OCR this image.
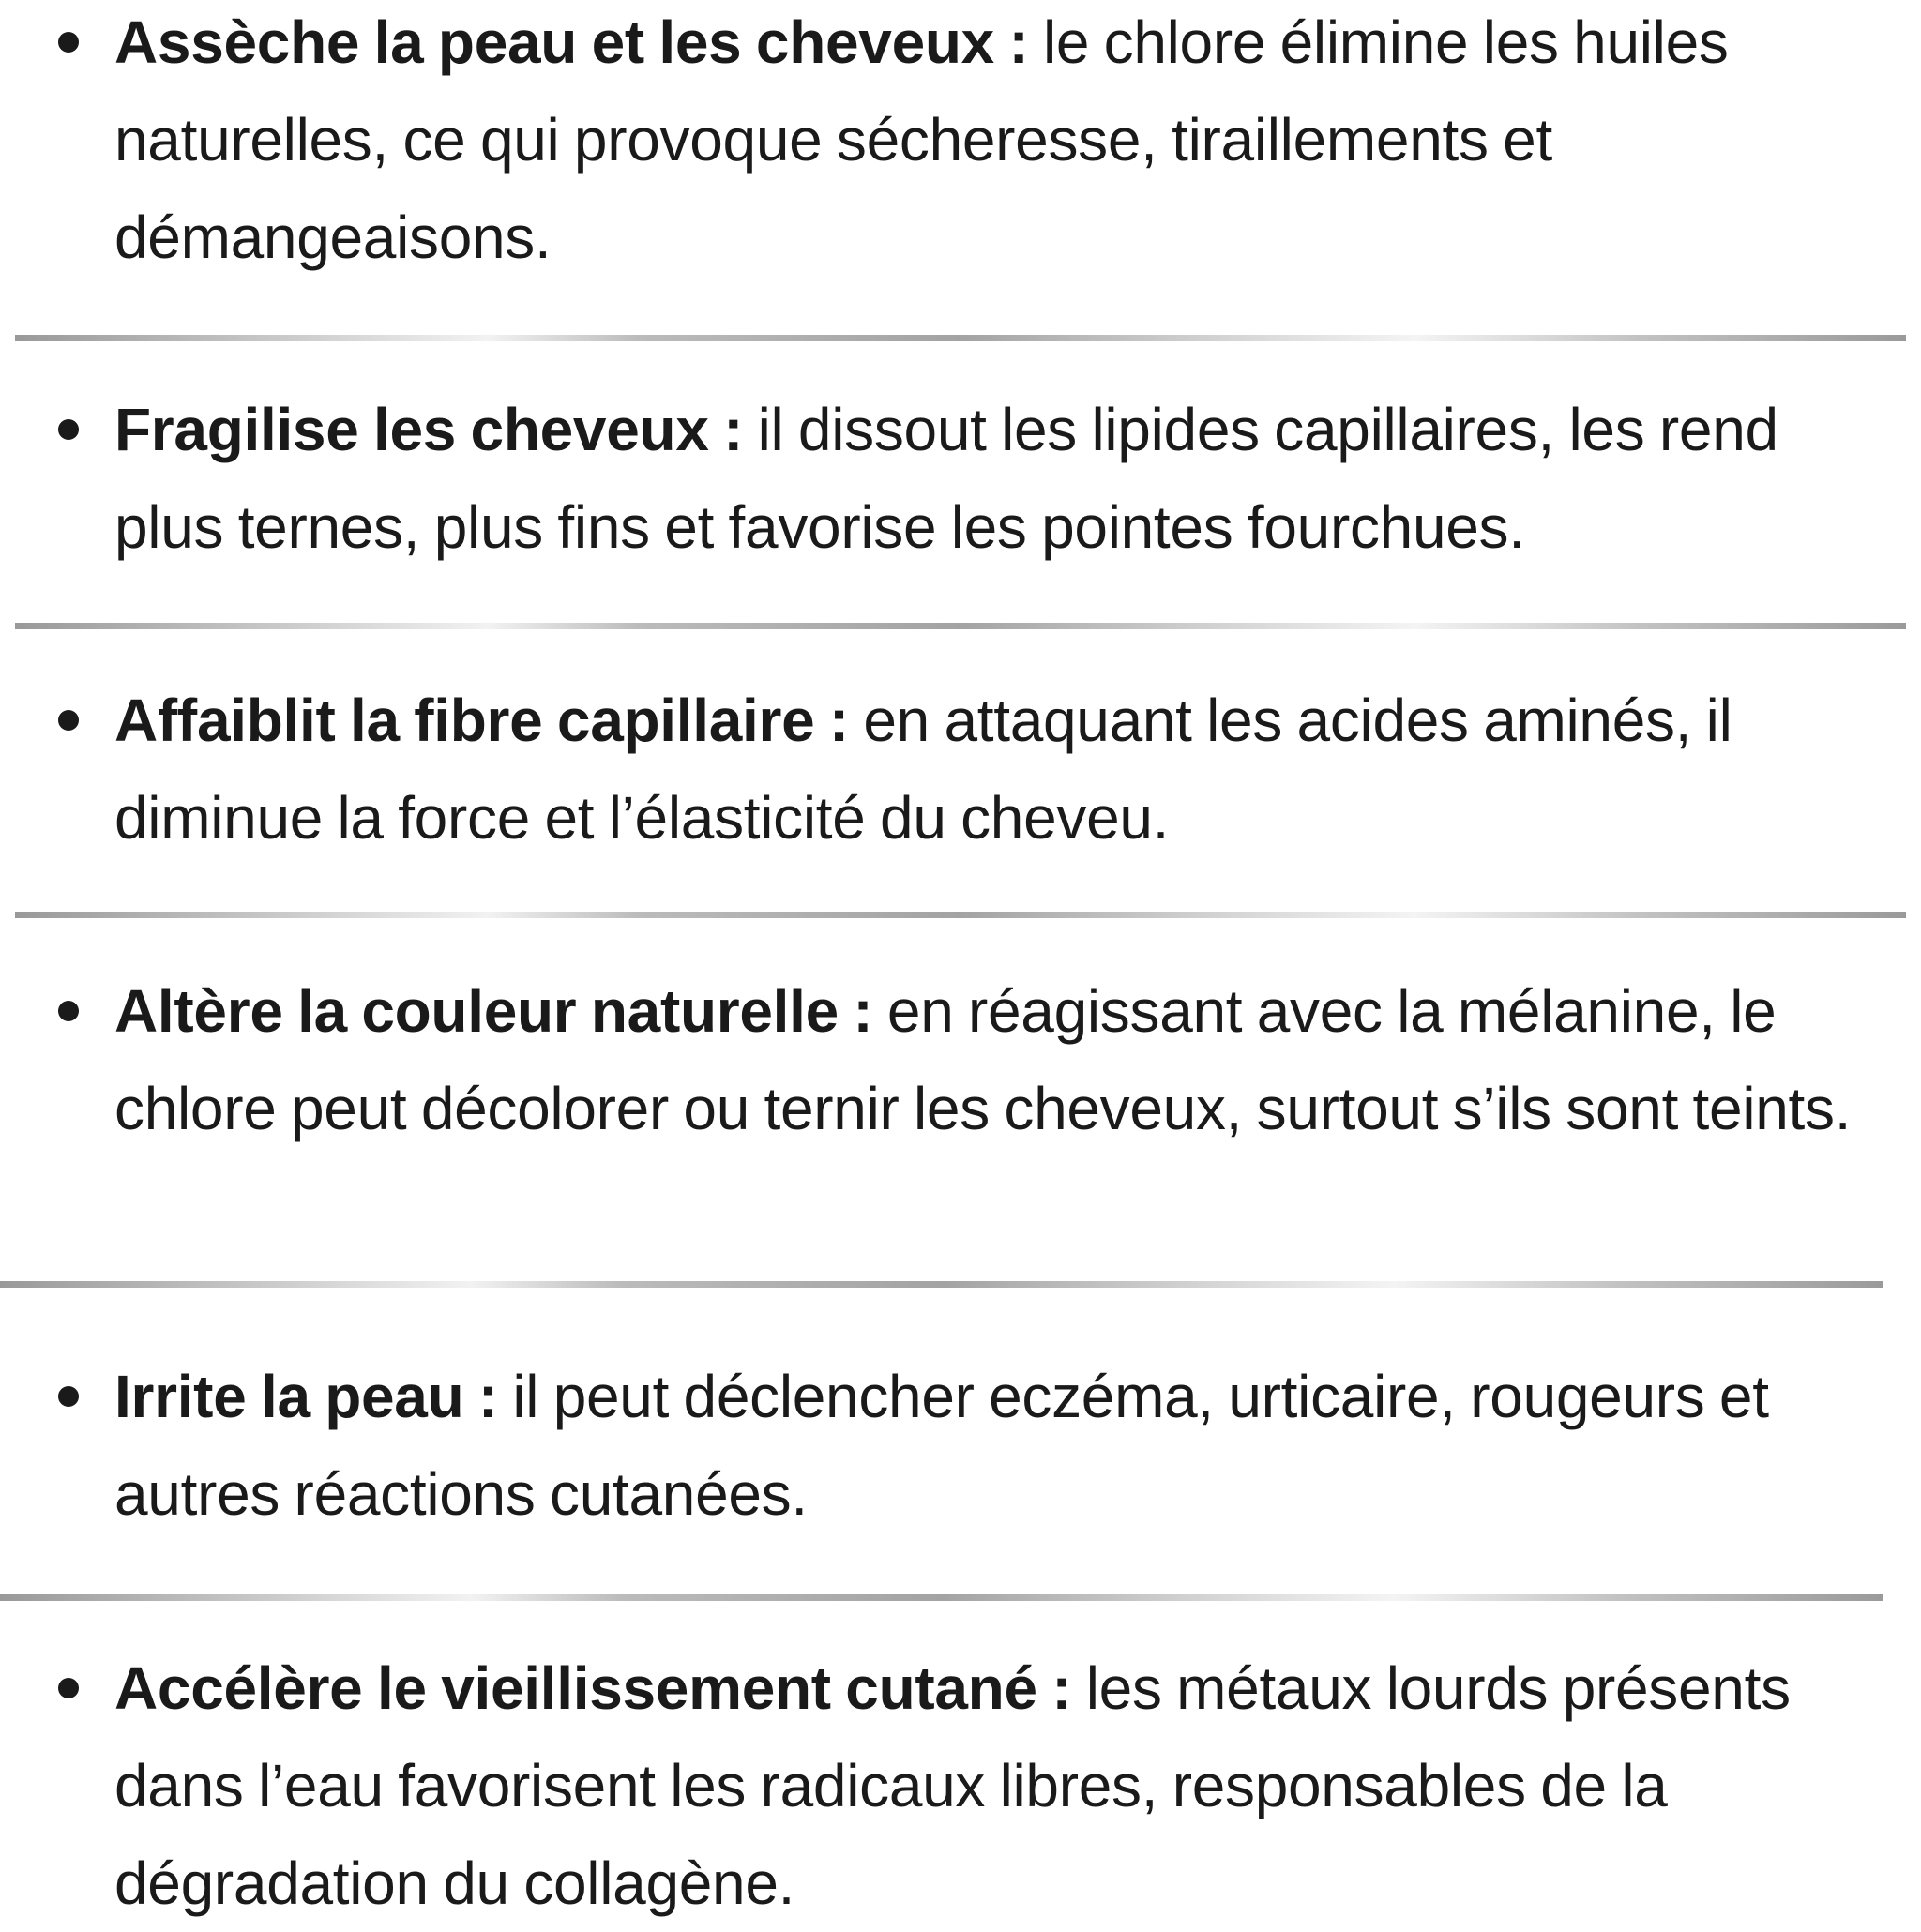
Assèche la peau et les cheveux : le chlore élimine les huiles naturelles, ce qui provoque sécheresse, tiraillements et démangeaisons.
Fragilise les cheveux : il dissout les lipides capillaires, les rend plus ternes, plus fins et favorise les pointes fourchues.
Affaiblit la fibre capillaire : en attaquant les acides aminés, il diminue la force et l’élasticité du cheveu.
Altère la couleur naturelle : en réagissant avec la mélanine, le chlore peut décolorer ou ternir les cheveux, surtout s’ils sont teints.
Irrite la peau : il peut déclencher eczéma, urticaire, rougeurs et autres réactions cutanées.
Accélère le vieillissement cutané : les métaux lourds présents dans l’eau favorisent les radicaux libres, responsables de la dégradation du collagène.
